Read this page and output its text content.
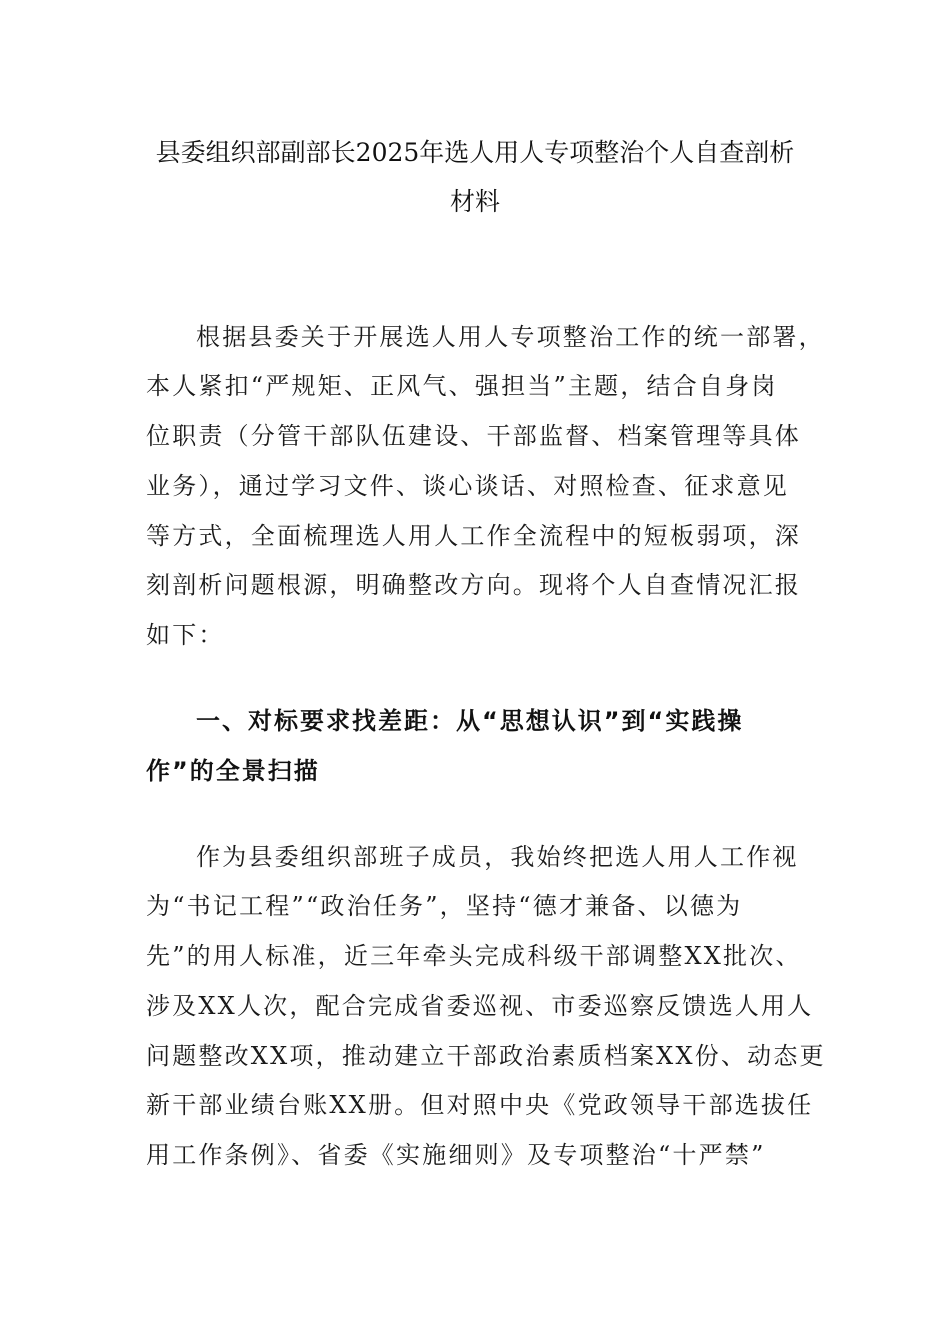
县委组织部副部长2025年选人用人专项整治个人自查剖析
材料
根据县委关于开展选人用人专项整治工作的统一部署，
本人紧扣“严规矩、正风气、强担当”主题，结合自身岗
位职责（分管干部队伍建设、干部监督、档案管理等具体
业务），通过学习文件、谈心谈话、对照检查、征求意见
等方式，全面梳理选人用人工作全流程中的短板弱项，深
刻剖析问题根源，明确整改方向。现将个人自查情况汇报
如下：
一、对标要求找差距：从“思想认识”到“实践操
作”的全景扫描
作为县委组织部班子成员，我始终把选人用人工作视
为“书记工程”“政治任务”，坚持“德才兼备、以德为
先”的用人标准，近三年牵头完成科级干部调整XX批次、
涉及XX人次，配合完成省委巡视、市委巡察反馈选人用人
问题整改XX项，推动建立干部政治素质档案XX份、动态更
新干部业绩台账XX册。但对照中央《党政领导干部选拔任
用工作条例》、省委《实施细则》及专项整治“十严禁”
